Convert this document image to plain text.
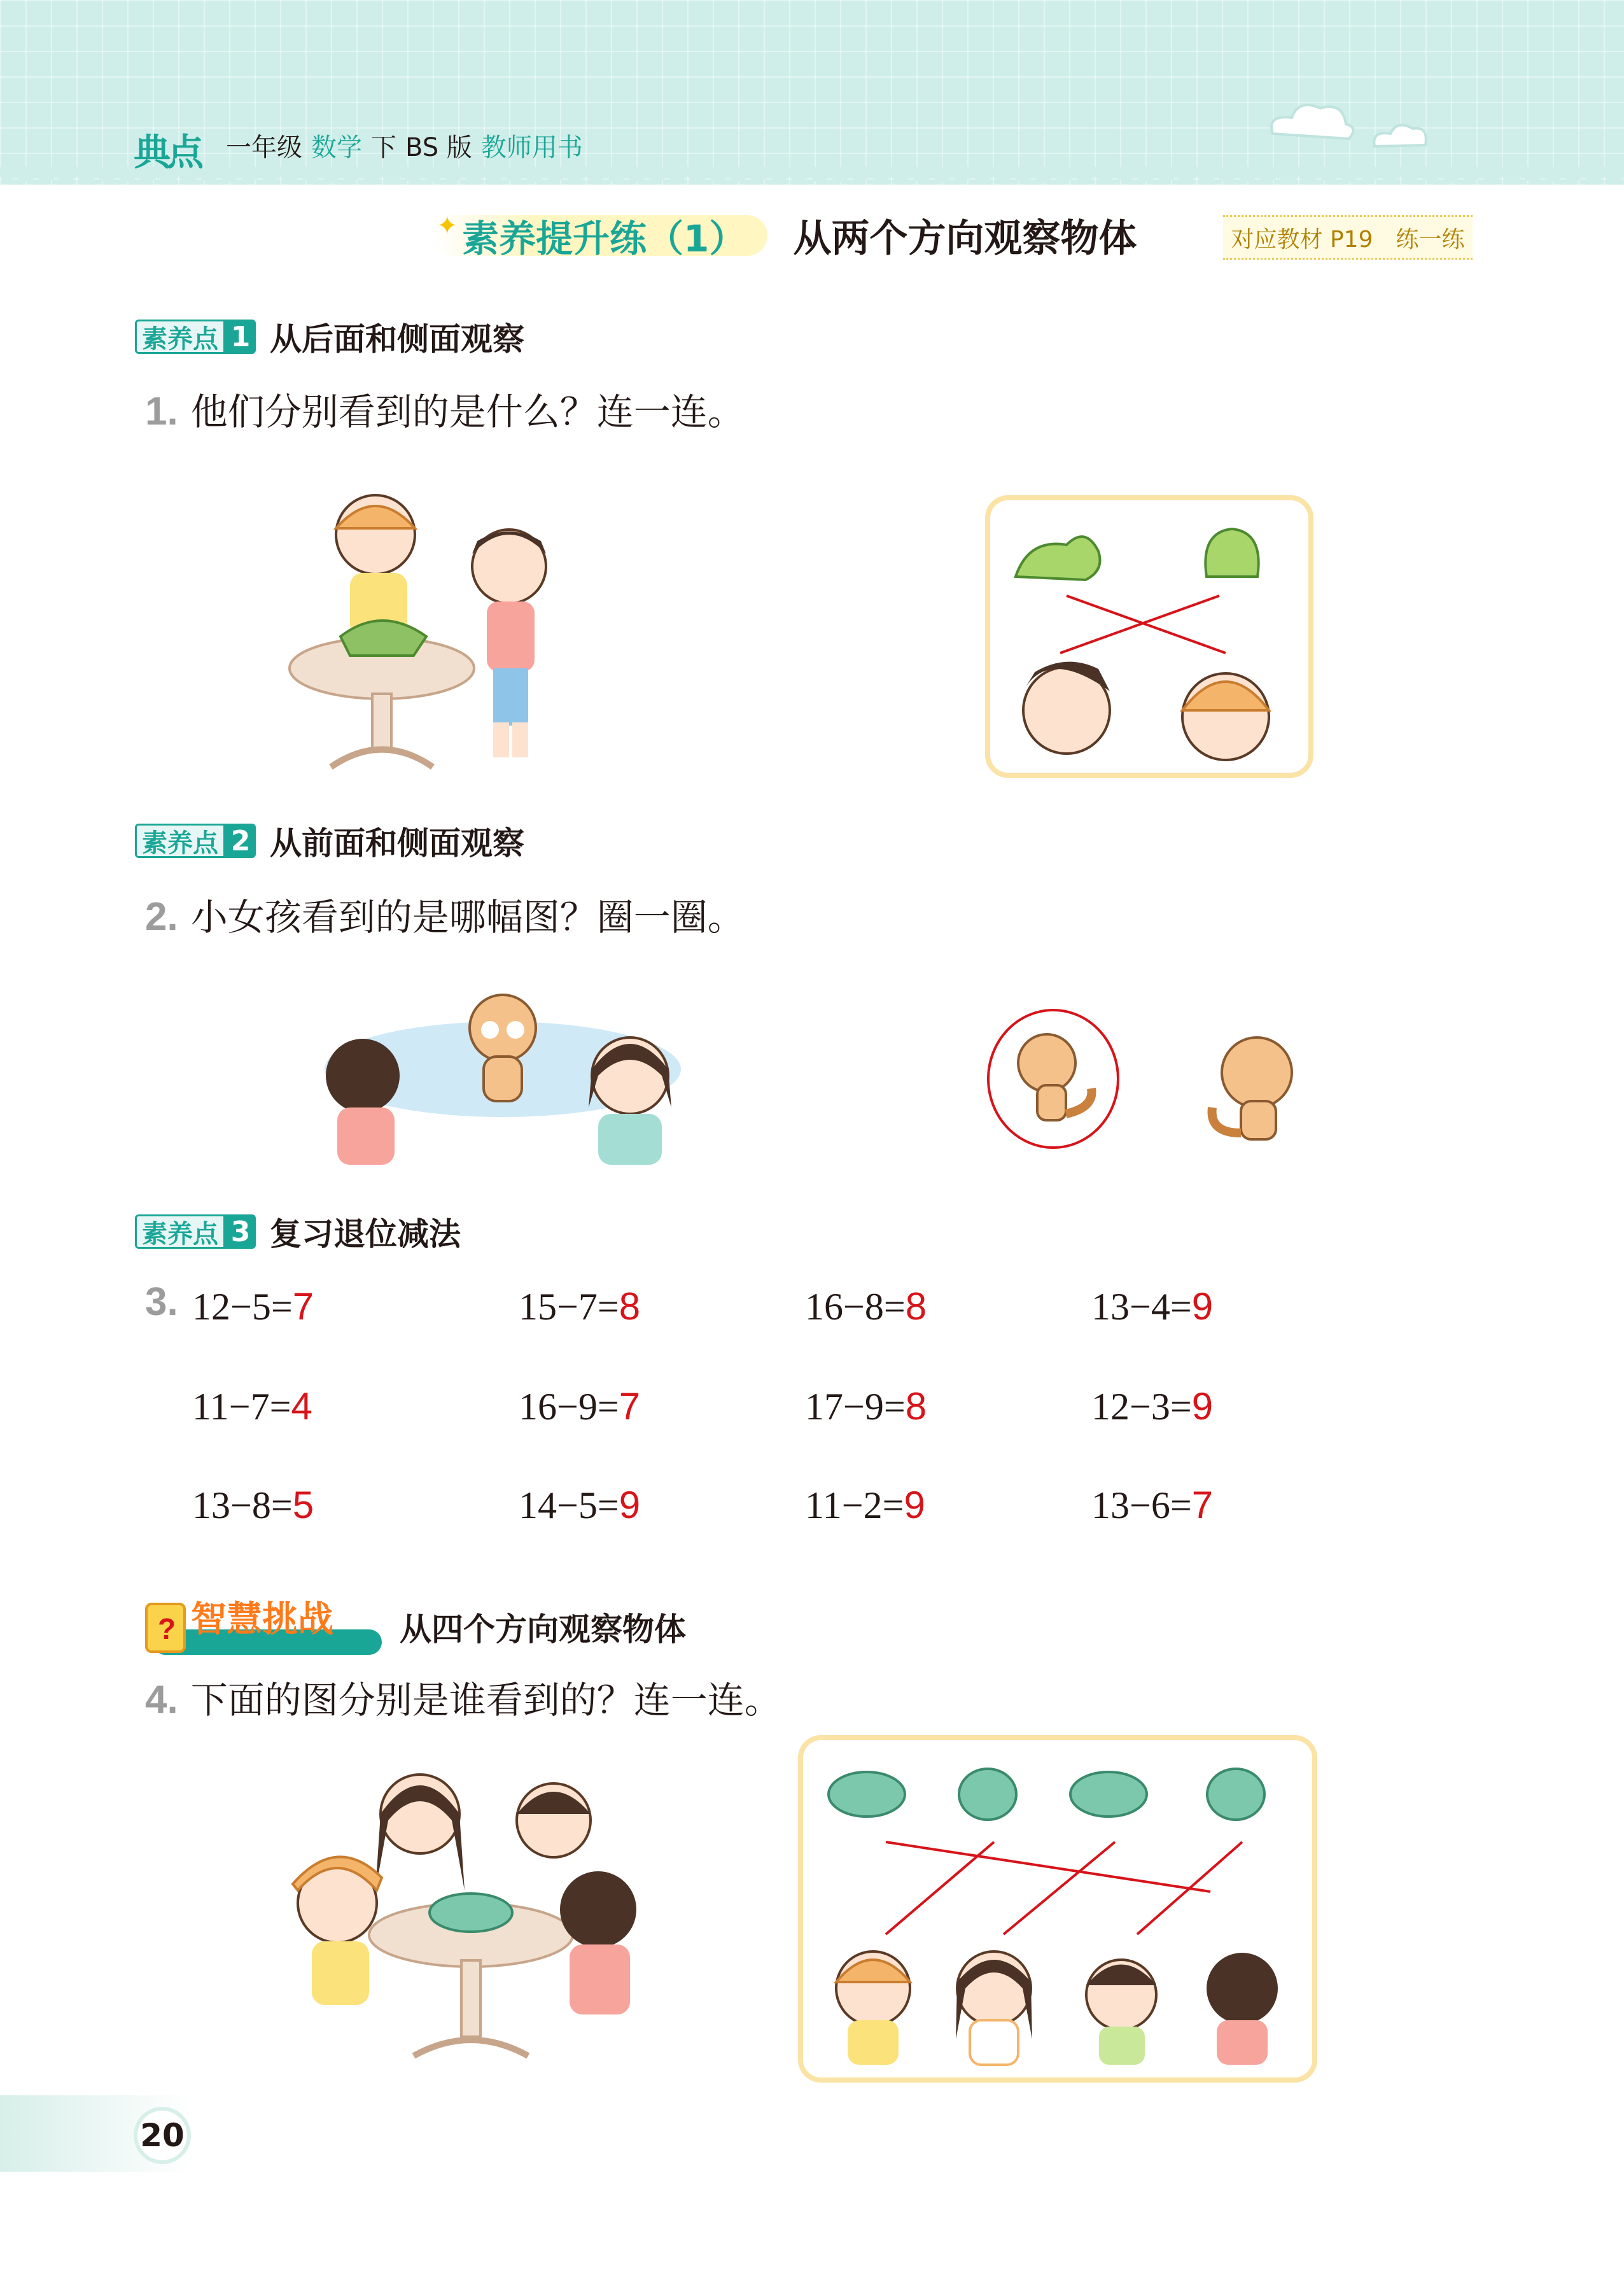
典点 一年级 数学 下 BS 版 教师用书
✦ 素养提升练（1） 从两个方向观察物体	对应教材 P19　练一练
素养点 1 从后面和侧面观察
1. 他们分别看到的是什么？连一连。
素养点 2 从前面和侧面观察
2. 小女孩看到的是哪幅图？圈一圈。
素养点 3 复习退位减法
3. 12−5=7	15−7=8	16−8=8	13−4=9
11−7=4	16−9=7	17−9=8	12−3=9
13−8=5	14−5=9	11−2=9	13−6=7
? 智慧挑战 从四个方向观察物体
4. 下面的图分别是谁看到的？连一连。
20
